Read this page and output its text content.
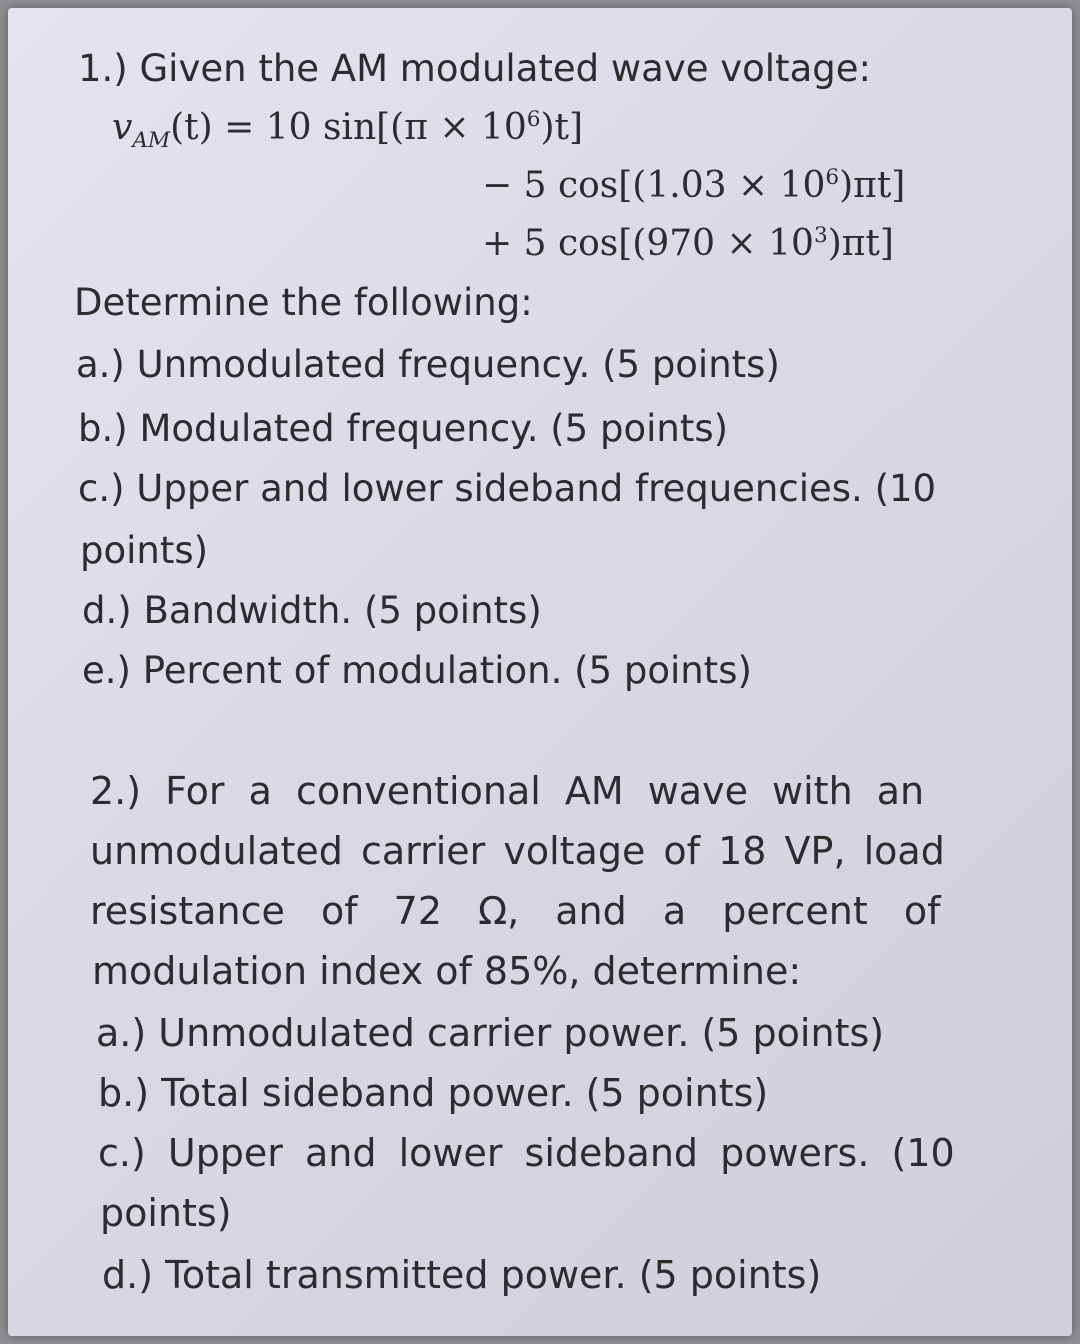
1.) Given the AM modulated wave voltage:
$v_{AM}(t) = 10$ $\sin[(\pi \times 10^6)t]$
− 5 $\cos[(1.03 \times 10^6)\pi t]$
+ 5 $\cos[(970 \times 10^3)\pi t]$
Determine the following:
a.) Unmodulated frequency. (5 points)
b.) Modulated frequency. (5 points)
c.) Upper and lower sideband frequencies. (10
points)
d.) Bandwidth. (5 points)
e.) Percent of modulation. (5 points)
2.) For a conventional AM wave with an
unmodulated carrier voltage of 18 VP, load
resistance of 72 Ω, and a percent of
modulation index of 85%, determine:
a.) Unmodulated carrier power. (5 points)
b.) Total sideband power. (5 points)
c.) Upper and lower sideband powers. (10
points)
d.) Total transmitted power. (5 points)
